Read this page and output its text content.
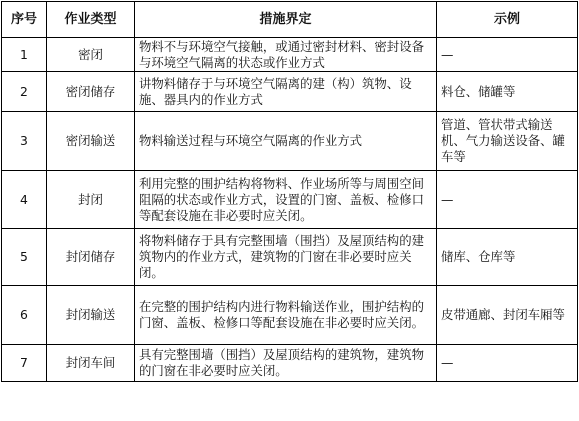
序号	作业类型	措施界定	示例
1	密闭	物料不与环境空气接触，或通过密封材料、密封设备与环境空气隔离的状态或作业方式	—
2	密闭储存	讲物料储存于与环境空气隔离的建（构）筑物、设施、器具内的作业方式	料仓、储罐等
3	密闭输送	物料输送过程与环境空气隔离的作业方式	管道、管状带式输送机、气力输送设备、罐车等
4	封闭	利用完整的围护结构将物料、作业场所等与周围空间阻隔的状态或作业方式，设置的门窗、盖板、检修口等配套设施在非必要时应关闭。	—
5	封闭储存	将物料储存于具有完整围墙（围挡）及屋顶结构的建筑物内的作业方式，建筑物的门窗在非必要时应关闭。	储库、仓库等
6	封闭输送	在完整的围护结构内进行物料输送作业，围护结构的门窗、盖板、检修口等配套设施在非必要时应关闭。	皮带通廊、封闭车厢等
7	封闭车间	具有完整围墙（围挡）及屋顶结构的建筑物，建筑物的门窗在非必要时应关闭。	—
